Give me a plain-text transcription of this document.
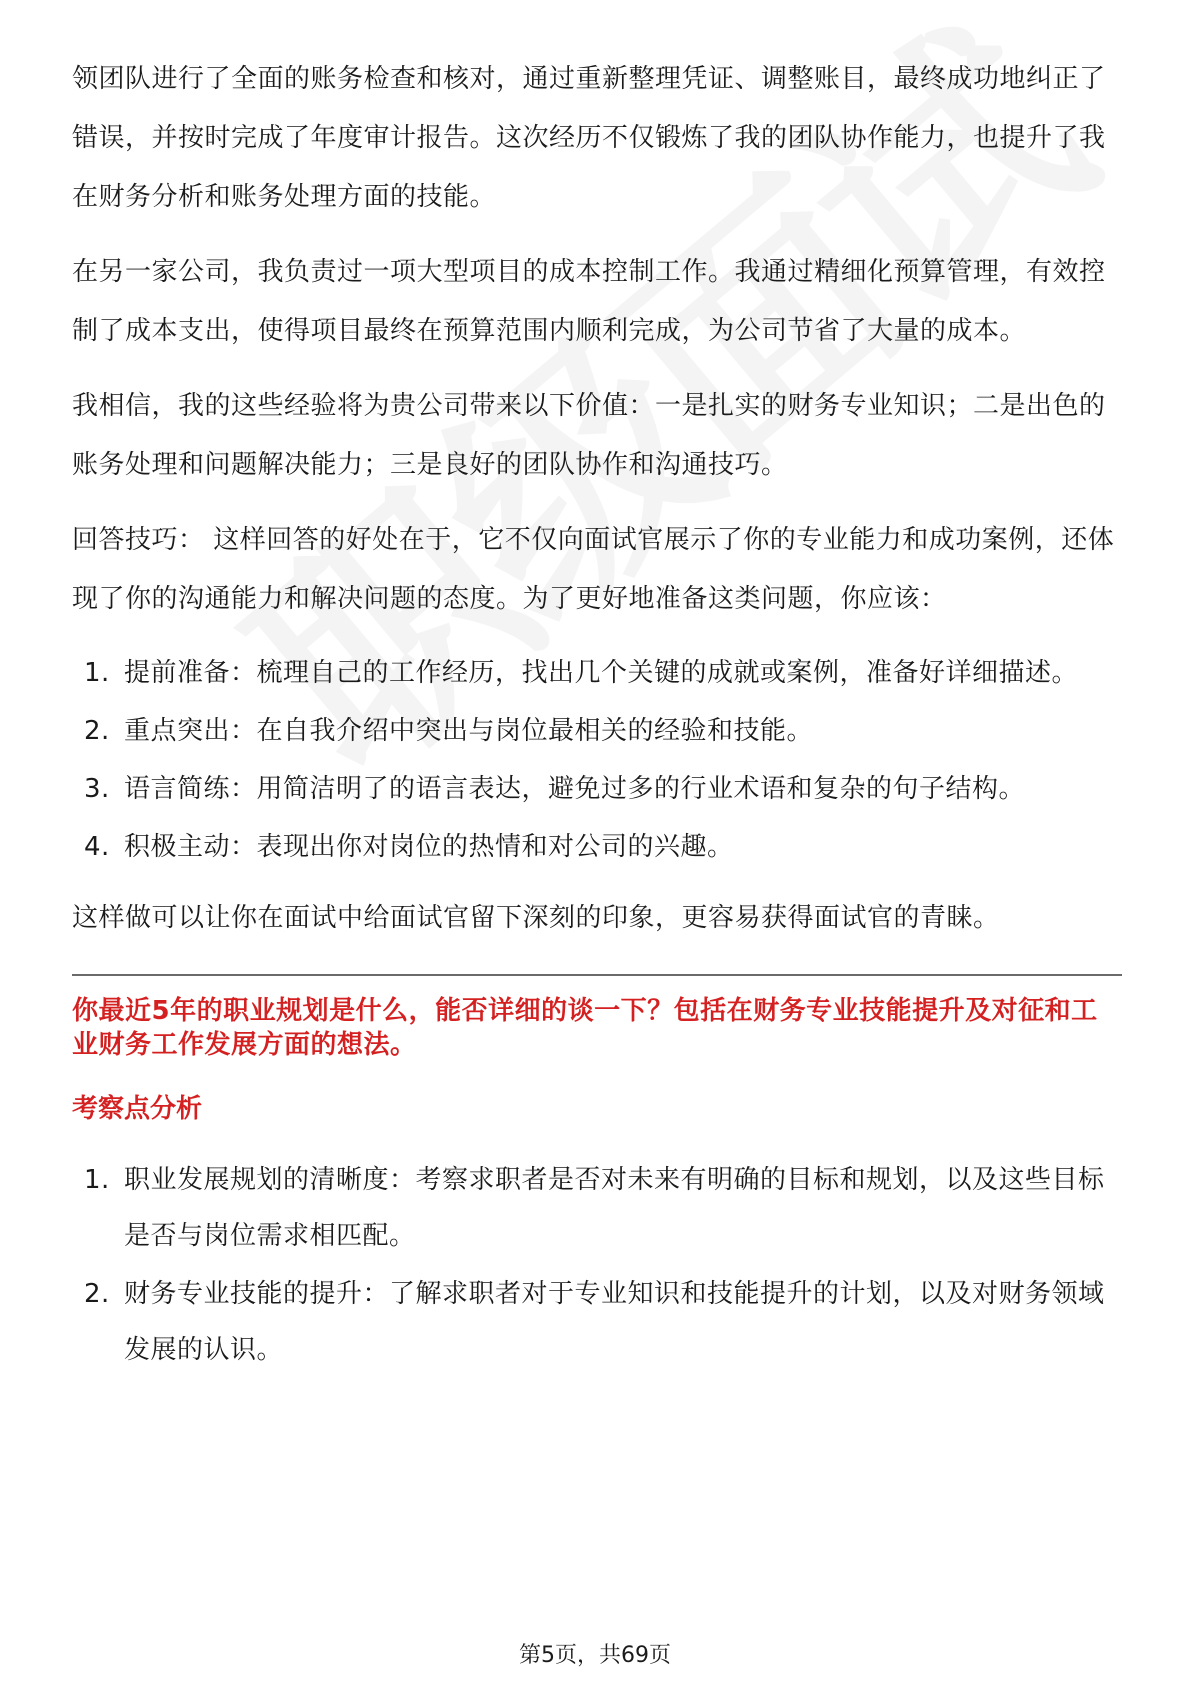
领团队进行了全面的账务检查和核对，通过重新整理凭证、调整账目，最终成功地纠正了错误，并按时完成了年度审计报告。这次经历不仅锻炼了我的团队协作能力，也提升了我在财务分析和账务处理方面的技能。

在另一家公司，我负责过一项大型项目的成本控制工作。我通过精细化预算管理，有效控制了成本支出，使得项目最终在预算范围内顺利完成，为公司节省了大量的成本。

我相信，我的这些经验将为贵公司带来以下价值：一是扎实的财务专业知识；二是出色的账务处理和问题解决能力；三是良好的团队协作和沟通技巧。

回答技巧： 这样回答的好处在于，它不仅向面试官展示了你的专业能力和成功案例，还体现了你的沟通能力和解决问题的态度。为了更好地准备这类问题，你应该：

1. 提前准备：梳理自己的工作经历，找出几个关键的成就或案例，准备好详细描述。
2. 重点突出：在自我介绍中突出与岗位最相关的经验和技能。
3. 语言简练：用简洁明了的语言表达，避免过多的行业术语和复杂的句子结构。
4. 积极主动：表现出你对岗位的热情和对公司的兴趣。

这样做可以让你在面试中给面试官留下深刻的印象，更容易获得面试官的青睐。

你最近5年的职业规划是什么，能否详细的谈一下？包括在财务专业技能提升及对征和工业财务工作发展方面的想法。
考察点分析
1. 职业发展规划的清晰度：考察求职者是否对未来有明确的目标和规划，以及这些目标是否与岗位需求相匹配。
2. 财务专业技能的提升：了解求职者对于专业知识和技能提升的计划，以及对财务领域发展的认识。
第5页，共69页
